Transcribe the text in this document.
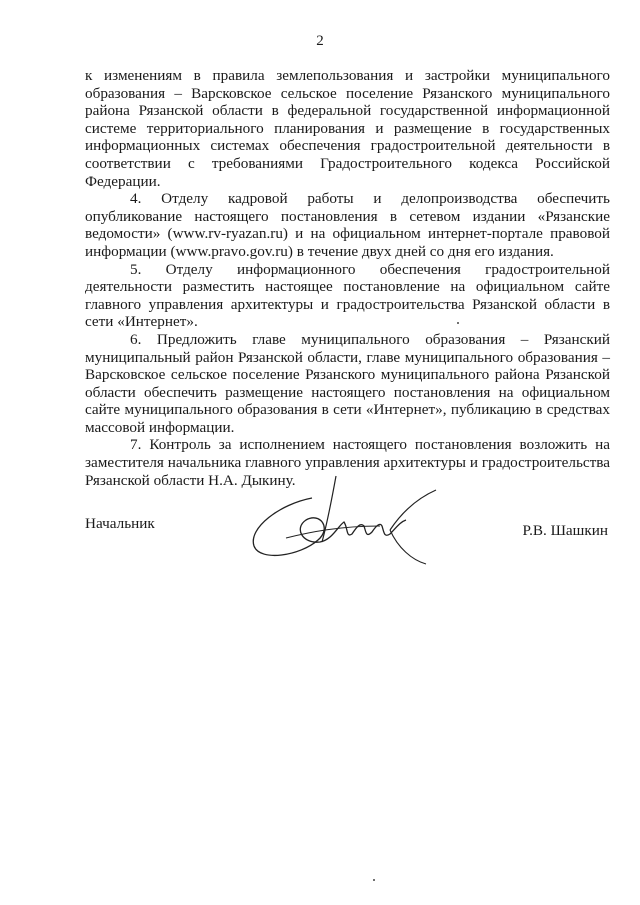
2

к изменениям в правила землепользования и застройки муниципального образования – Варсковское сельское поселение Рязанского муниципального района Рязанской области в федеральной государственной информационной системе территориального планирования и размещение в государственных информационных системах обеспечения градостроительной деятельности в соответствии с требованиями Градостроительного кодекса Российской Федерации.

4. Отделу кадровой работы и делопроизводства обеспечить опубликование настоящего постановления в сетевом издании «Рязанские ведомости» (www.rv-ryazan.ru) и на официальном интернет-портале правовой информации (www.pravo.gov.ru) в течение двух дней со дня его издания.

5. Отделу информационного обеспечения градостроительной деятельности разместить настоящее постановление на официальном сайте главного управления архитектуры и градостроительства Рязанской области в сети «Интернет».

6. Предложить главе муниципального образования – Рязанский муниципальный район Рязанской области, главе муниципального образования – Варсковское сельское поселение Рязанского муниципального района Рязанской области обеспечить размещение настоящего постановления на официальном сайте муниципального образования в сети «Интернет», публикацию в средствах массовой информации.

7. Контроль за исполнением настоящего постановления возложить на заместителя начальника главного управления архитектуры и градостроительства Рязанской области Н.А. Дыкину.

Начальник	Р.В. Шашкин
